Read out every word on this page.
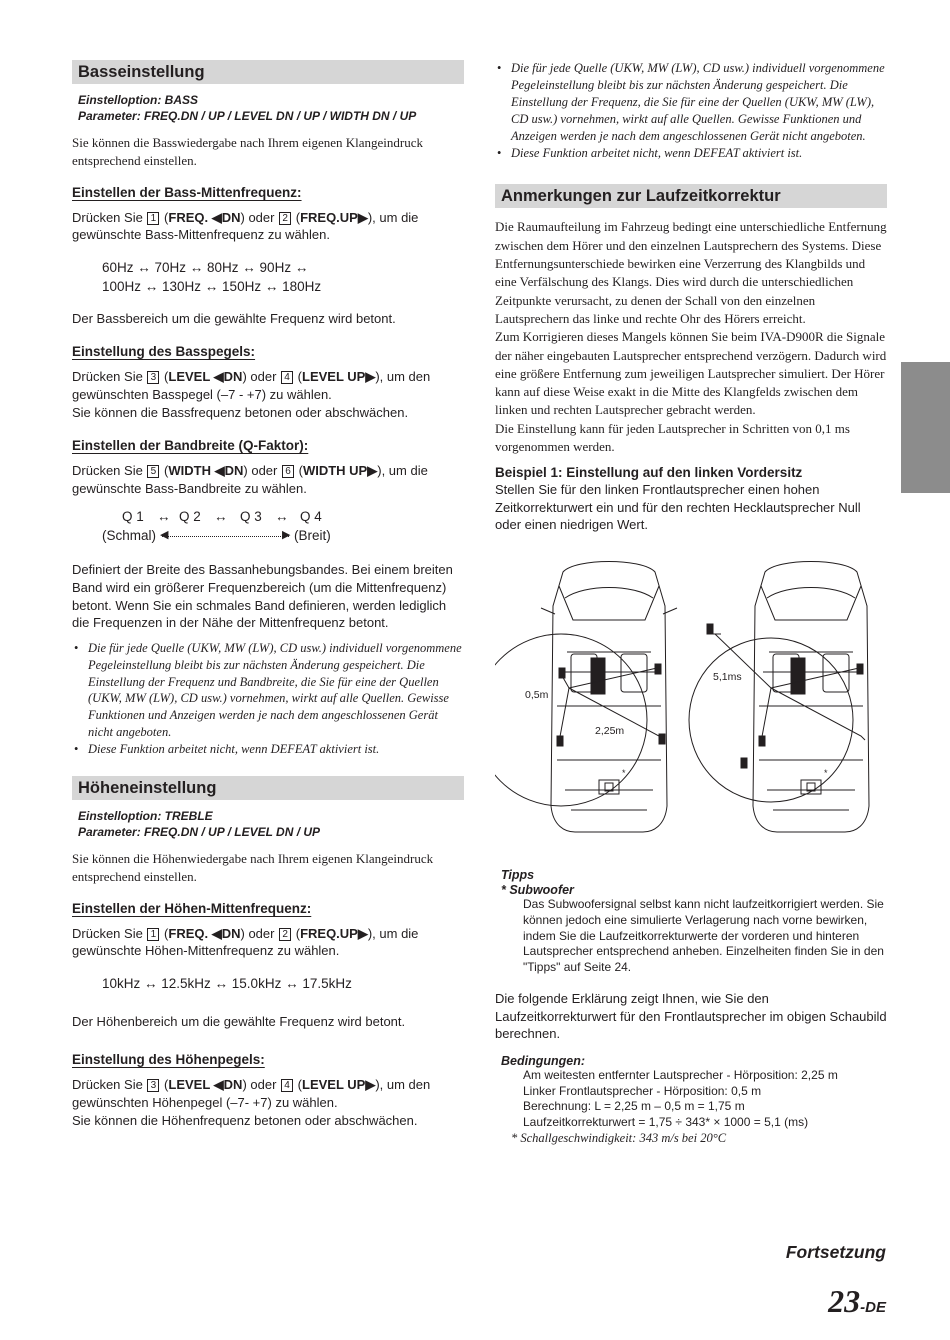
Basseinstellung
Einstelloption: BASS
Parameter: FREQ.DN / UP / LEVEL DN / UP / WIDTH DN / UP

Sie können die Basswiedergabe nach Ihrem eigenen Klangeindruck entsprechend einstellen.

Einstellen der Bass-Mittenfrequenz:

Drücken Sie 1 (FREQ. ◀DN) oder 2 (FREQ.UP▶), um die gewünschte Bass-Mittenfrequenz zu wählen.

60Hz ↔ 70Hz ↔ 80Hz ↔ 90Hz ↔
100Hz ↔ 130Hz ↔ 150Hz ↔ 180Hz

Der Bassbereich um die gewählte Frequenz wird betont.

Einstellung des Basspegels:

Drücken Sie 3 (LEVEL ◀DN) oder 4 (LEVEL UP▶), um den gewünschten Basspegel (–7 - +7) zu wählen.
Sie können die Bassfrequenz betonen oder abschwächen.

Einstellen der Bandbreite (Q-Faktor):

Drücken Sie 5 (WIDTH ◀DN) oder 6 (WIDTH UP▶), um die gewünschte Bass-Bandbreite zu wählen.

Q 1 ↔ Q 2 ↔ Q 3 ↔ Q 4
(Schmal) ◀	▶ (Breit)

Definiert der Breite des Bassanhebungsbandes. Bei einem breiten Band wird ein größerer Frequenzbereich (um die Mittenfrequenz) betont. Wenn Sie ein schmales Band definieren, werden lediglich die Frequenzen in der Nähe der Mittenfrequenz betont.

• Die für jede Quelle (UKW, MW (LW), CD usw.) individuell vorgenommene Pegeleinstellung bleibt bis zur nächsten Änderung gespeichert. Die Einstellung der Frequenz und Bandbreite, die Sie für eine der Quellen (UKW, MW (LW), CD usw.) vornehmen, wirkt auf alle Quellen. Gewisse Funktionen und Anzeigen werden je nach dem angeschlossenen Gerät nicht angeboten.
• Diese Funktion arbeitet nicht, wenn DEFEAT aktiviert ist.
Höheneinstellung
Einstelloption: TREBLE
Parameter: FREQ.DN / UP / LEVEL DN / UP

Sie können die Höhenwiedergabe nach Ihrem eigenen Klangeindruck entsprechend einstellen.

Einstellen der Höhen-Mittenfrequenz:

Drücken Sie 1 (FREQ. ◀DN) oder 2 (FREQ.UP▶), um die gewünschte Höhen-Mittenfrequenz zu wählen.

10kHz ↔ 12.5kHz ↔ 15.0kHz ↔ 17.5kHz

Der Höhenbereich um die gewählte Frequenz wird betont.

Einstellung des Höhenpegels:

Drücken Sie 3 (LEVEL ◀DN) oder 4 (LEVEL UP▶), um den gewünschten Höhenpegel (–7- +7) zu wählen.
Sie können die Höhenfrequenz betonen oder abschwächen.

• Die für jede Quelle (UKW, MW (LW), CD usw.) individuell vorgenommene Pegeleinstellung bleibt bis zur nächsten Änderung gespeichert. Die Einstellung der Frequenz, die Sie für eine der Quellen (UKW, MW (LW), CD usw.) vornehmen, wirkt auf alle Quellen. Gewisse Funktionen und Anzeigen werden je nach dem angeschlossenen Gerät nicht angeboten.
• Diese Funktion arbeitet nicht, wenn DEFEAT aktiviert ist.
Anmerkungen zur Laufzeitkorrektur

Die Raumaufteilung im Fahrzeug bedingt eine unterschiedliche Entfernung zwischen dem Hörer und den einzelnen Lautsprechern des Systems. Diese Entfernungsunterschiede bewirken eine Verzerrung des Klangbilds und eine Verfälschung des Klangs. Dies wird durch die unterschiedlichen Zeitpunkte verursacht, zu denen der Schall von den einzelnen Lautsprechern das linke und rechte Ohr des Hörers erreicht.

Zum Korrigieren dieses Mangels können Sie beim IVA-D900R die Signale der näher eingebauten Lautsprecher entsprechend verzögern. Dadurch wird eine größere Entfernung zum jeweiligen Lautsprecher simuliert. Der Hörer kann auf diese Weise exakt in die Mitte des Klangfelds zwischen dem linken und rechten Lautsprecher gebracht werden.

Die Einstellung kann für jeden Lautsprecher in Schritten von 0,1 ms vorgenommen werden.

Beispiel 1: Einstellung auf den linken Vordersitz

Stellen Sie für den linken Frontlautsprecher einen hohen Zeitkorrekturwert ein und für den rechten Hecklautsprecher Null oder einen niedrigen Wert.

0,5m
2,25m
5,1ms
*	*
Tipps
* Subwoofer

Das Subwoofersignal selbst kann nicht laufzeitkorrigiert werden. Sie können jedoch eine simulierte Verlagerung nach vorne bewirken, indem Sie die Laufzeitkorrekturwerte der vorderen und hinteren Lautsprecher entsprechend anheben. Einzelheiten finden Sie in den "Tipps" auf Seite 24.

Die folgende Erklärung zeigt Ihnen, wie Sie den Laufzeitkorrekturwert für den Frontlautsprecher im obigen Schaubild berechnen.

Bedingungen:
Am weitesten entfernter Lautsprecher - Hörposition: 2,25 m
Linker Frontlautsprecher - Hörposition: 0,5 m
Berechnung: L = 2,25 m – 0,5 m = 1,75 m
Laufzeitkorrekturwert = 1,75 ÷ 343* × 1000 = 5,1 (ms)
* Schallgeschwindigkeit: 343 m/s bei 20°C
Fortsetzung
23-DE
